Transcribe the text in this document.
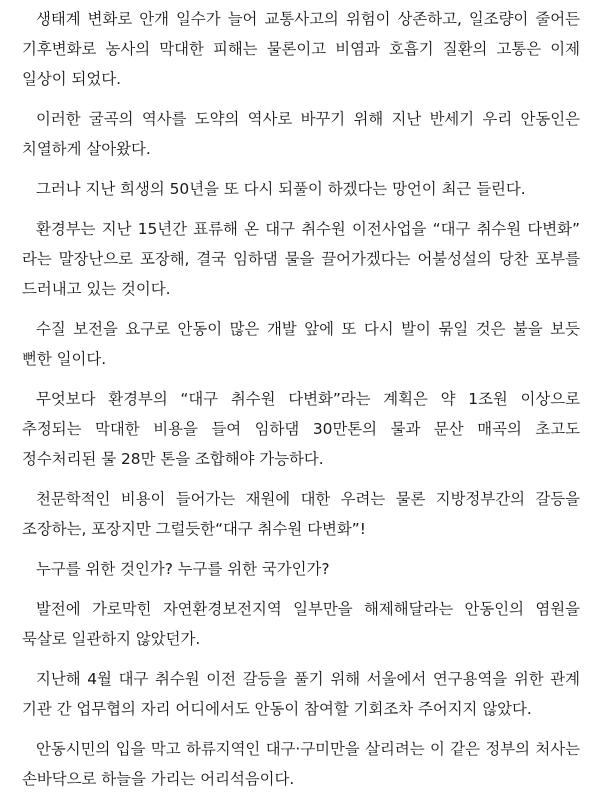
생태계 변화로 안개 일수가 늘어 교통사고의 위험이 상존하고, 일조량이 줄어든 기후변화로 농사의 막대한 피해는 물론이고 비염과 호흡기 질환의 고통은 이제 일상이 되었다.

이러한 굴곡의 역사를 도약의 역사로 바꾸기 위해 지난 반세기 우리 안동인은 치열하게 살아왔다.

그러나 지난 희생의 50년을 또 다시 되풀이 하겠다는 망언이 최근 들린다.

환경부는 지난 15년간 표류해 온 대구 취수원 이전사업을 “대구 취수원 다변화” 라는 말장난으로 포장해, 결국 임하댐 물을 끌어가겠다는 어불성설의 당찬 포부를 드러내고 있는 것이다.

수질 보전을 요구로 안동이 많은 개발 앞에 또 다시 발이 묶일 것은 불을 보듯 뻔한 일이다.

무엇보다 환경부의 “대구 취수원 다변화”라는 계획은 약 1조원 이상으로 추정되는 막대한 비용을 들여 임하댐 30만톤의 물과 문산 매곡의 초고도 정수처리된 물 28만 톤을 조합해야 가능하다.

천문학적인 비용이 들어가는 재원에 대한 우려는 물론 지방정부간의 갈등을 조장하는, 포장지만 그럴듯한“대구 취수원 다변화”!

누구를 위한 것인가? 누구를 위한 국가인가?

발전에 가로막힌 자연환경보전지역 일부만을 해제해달라는 안동인의 염원을 묵살로 일관하지 않았던가.

지난해 4월 대구 취수원 이전 갈등을 풀기 위해 서울에서 연구용역을 위한 관계 기관 간 업무협의 자리 어디에서도 안동이 참여할 기회조차 주어지지 않았다.

안동시민의 입을 막고 하류지역인 대구·구미만을 살리려는 이 같은 정부의 처사는 손바닥으로 하늘을 가리는 어리석음이다.
